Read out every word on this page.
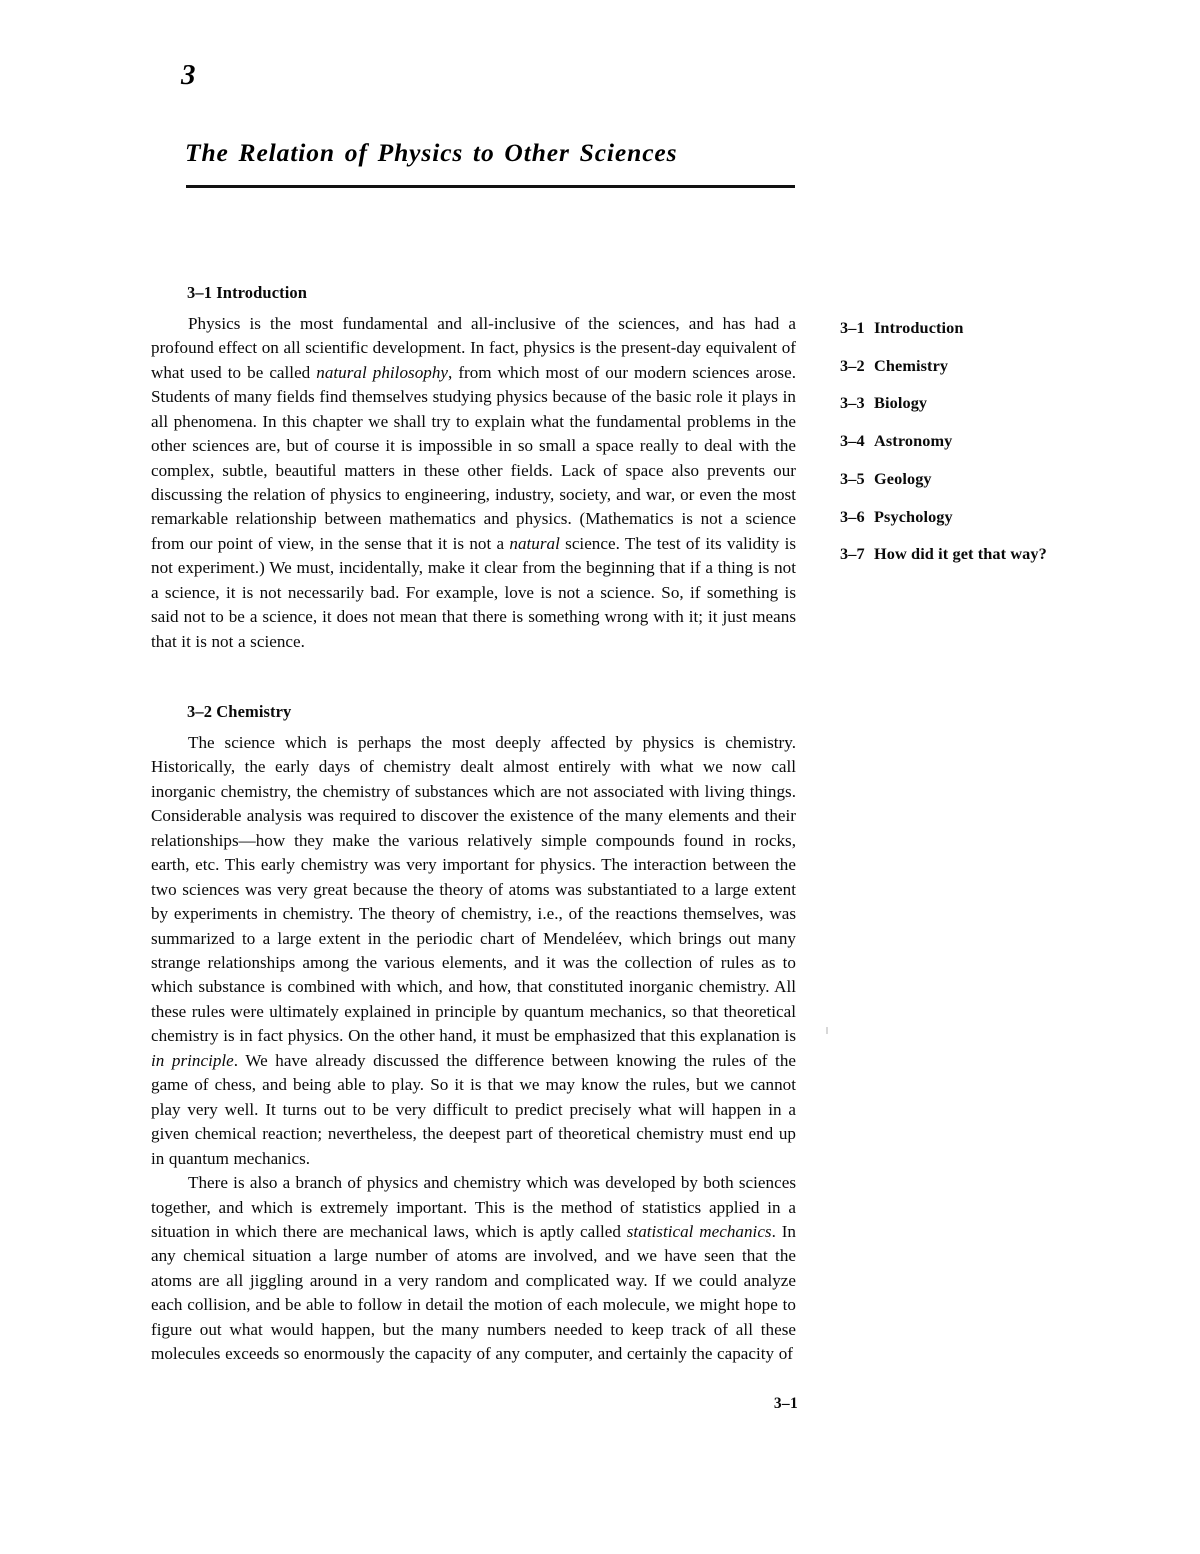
3
The Relation of Physics to Other Sciences
3–1 Introduction

Physics is the most fundamental and all-inclusive of the sciences, and has had a profound effect on all scientific development. In fact, physics is the present-day equivalent of what used to be called natural philosophy, from which most of our modern sciences arose. Students of many fields find themselves studying physics because of the basic role it plays in all phenomena. In this chapter we shall try to explain what the fundamental problems in the other sciences are, but of course it is impossible in so small a space really to deal with the complex, subtle, beautiful matters in these other fields. Lack of space also prevents our discussing the relation of physics to engineering, industry, society, and war, or even the most remarkable relationship between mathematics and physics. (Mathematics is not a science from our point of view, in the sense that it is not a natural science. The test of its validity is not experiment.) We must, incidentally, make it clear from the beginning that if a thing is not a science, it is not necessarily bad. For example, love is not a science. So, if something is said not to be a science, it does not mean that there is something wrong with it; it just means that it is not a science.

3–2 Chemistry

The science which is perhaps the most deeply affected by physics is chemistry. Historically, the early days of chemistry dealt almost entirely with what we now call inorganic chemistry, the chemistry of substances which are not associated with living things. Considerable analysis was required to discover the existence of the many elements and their relationships—how they make the various relatively simple compounds found in rocks, earth, etc. This early chemistry was very important for physics. The interaction between the two sciences was very great because the theory of atoms was substantiated to a large extent by experiments in chemistry. The theory of chemistry, i.e., of the reactions themselves, was summarized to a large extent in the periodic chart of Mendeléev, which brings out many strange relationships among the various elements, and it was the collection of rules as to which substance is combined with which, and how, that constituted inorganic chemistry. All these rules were ultimately explained in principle by quantum mechanics, so that theoretical chemistry is in fact physics. On the other hand, it must be emphasized that this explanation is in principle. We have already discussed the difference between knowing the rules of the game of chess, and being able to play. So it is that we may know the rules, but we cannot play very well. It turns out to be very difficult to predict precisely what will happen in a given chemical reaction; nevertheless, the deepest part of theoretical chemistry must end up in quantum mechanics.

There is also a branch of physics and chemistry which was developed by both sciences together, and which is extremely important. This is the method of statistics applied in a situation in which there are mechanical laws, which is aptly called statistical mechanics. In any chemical situation a large number of atoms are involved, and we have seen that the atoms are all jiggling around in a very random and complicated way. If we could analyze each collision, and be able to follow in detail the motion of each molecule, we might hope to figure out what would happen, but the many numbers needed to keep track of all these molecules exceeds so enormously the capacity of any computer, and certainly the capacity of

3–1 Introduction
3–2 Chemistry
3–3 Biology
3–4 Astronomy
3–5 Geology
3–6 Psychology
3–7 How did it get that way?
3–1
